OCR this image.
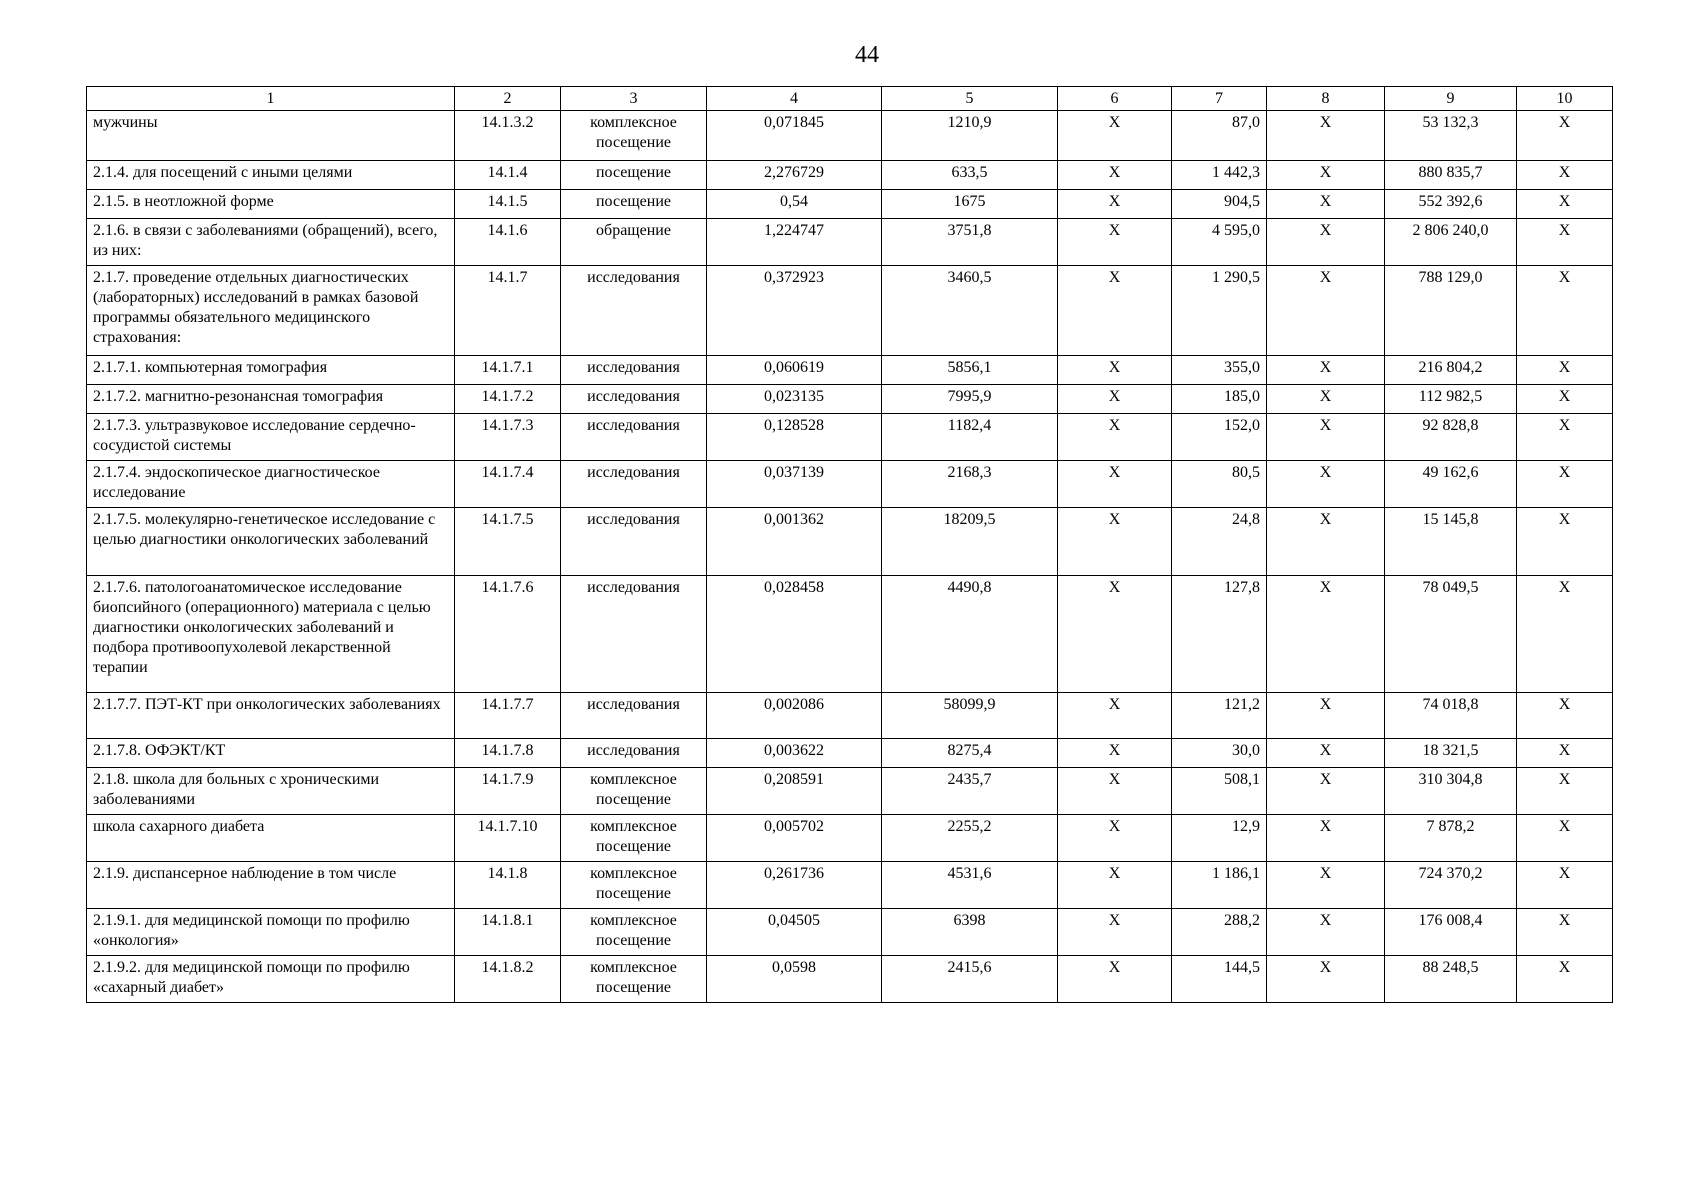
44
1	2	3	4	5	6	7	8	9	10
мужчины	14.1.3.2	комплексное посещение	0,071845	1210,9	X	87,0	X	53 132,3	X
2.1.4. для посещений с иными целями	14.1.4	посещение	2,276729	633,5	X	1 442,3	X	880 835,7	X
2.1.5. в неотложной форме	14.1.5	посещение	0,54	1675	X	904,5	X	552 392,6	X
2.1.6. в связи с заболеваниями (обращений), всего, из них:	14.1.6	обращение	1,224747	3751,8	X	4 595,0	X	2 806 240,0	X
2.1.7. проведение отдельных диагностических (лабораторных) исследований в рамках базовой программы обязательного медицинского страхования:	14.1.7	исследования	0,372923	3460,5	X	1 290,5	X	788 129,0	X
2.1.7.1. компьютерная томография	14.1.7.1	исследования	0,060619	5856,1	X	355,0	X	216 804,2	X
2.1.7.2. магнитно-резонансная томография	14.1.7.2	исследования	0,023135	7995,9	X	185,0	X	112 982,5	X
2.1.7.3. ультразвуковое исследование сердечно-сосудистой системы	14.1.7.3	исследования	0,128528	1182,4	X	152,0	X	92 828,8	X
2.1.7.4. эндоскопическое диагностическое исследование	14.1.7.4	исследования	0,037139	2168,3	X	80,5	X	49 162,6	X
2.1.7.5. молекулярно-генетическое исследование с целью диагностики онкологических заболеваний	14.1.7.5	исследования	0,001362	18209,5	X	24,8	X	15 145,8	X
2.1.7.6. патологоанатомическое исследование биопсийного (операционного) материала с целью диагностики онкологических заболеваний и подбора противоопухолевой лекарственной терапии	14.1.7.6	исследования	0,028458	4490,8	X	127,8	X	78 049,5	X
2.1.7.7. ПЭТ-КТ при онкологических заболеваниях	14.1.7.7	исследования	0,002086	58099,9	X	121,2	X	74 018,8	X
2.1.7.8. ОФЭКТ/КТ	14.1.7.8	исследования	0,003622	8275,4	X	30,0	X	18 321,5	X
2.1.8. школа для больных с хроническими заболеваниями	14.1.7.9	комплексное посещение	0,208591	2435,7	X	508,1	X	310 304,8	X
школа сахарного диабета	14.1.7.10	комплексное посещение	0,005702	2255,2	X	12,9	X	7 878,2	X
2.1.9. диспансерное наблюдение в том числе	14.1.8	комплексное посещение	0,261736	4531,6	X	1 186,1	X	724 370,2	X
2.1.9.1. для медицинской помощи по профилю «онкология»	14.1.8.1	комплексное посещение	0,04505	6398	X	288,2	X	176 008,4	X
2.1.9.2. для медицинской помощи по профилю «сахарный диабет»	14.1.8.2	комплексное посещение	0,0598	2415,6	X	144,5	X	88 248,5	X
